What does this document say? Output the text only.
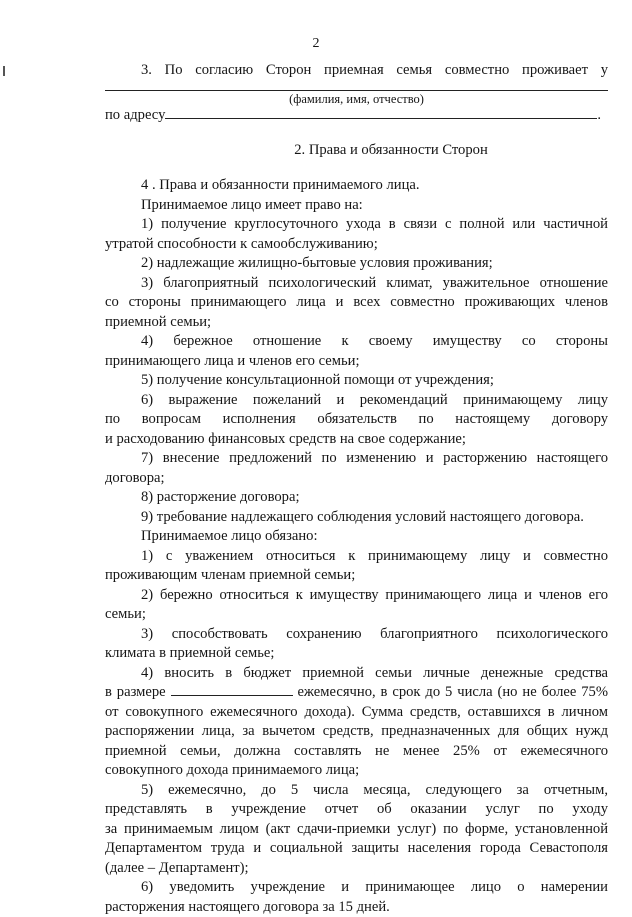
2
3. По согласию Сторон приемная семья совместно проживает у
(фамилия, имя, отчество)
по адресу	.
2. Права и обязанности Сторон
4 . Права и обязанности принимаемого лица.
Принимаемое лицо имеет право на:
1) получение круглосуточного ухода в связи с полной или частичной
утратой способности к самообслуживанию;
2) надлежащие жилищно-бытовые условия проживания;
3) благоприятный психологический климат, уважительное отношение
со стороны принимающего лица и всех совместно проживающих членов
приемной семьи;
4) бережное отношение к своему имуществу со стороны
принимающего лица и членов его семьи;
5) получение консультационной помощи от учреждения;
6) выражение пожеланий и рекомендаций принимающему лицу
по вопросам исполнения обязательств по настоящему договору
и расходованию финансовых средств на свое содержание;
7) внесение предложений по изменению и расторжению настоящего
договора;
8) расторжение договора;
9) требование надлежащего соблюдения условий настоящего договора.
Принимаемое лицо обязано:
1) с уважением относиться к принимающему лицу и совместно
проживающим членам приемной семьи;
2) бережно относиться к имуществу принимающего лица и членов его
семьи;
3) способствовать сохранению благоприятного психологического
климата в приемной семье;
4) вносить в бюджет приемной семьи личные денежные средства
в размере	ежемесячно, в срок до 5 числа (но не более 75%
от совокупного ежемесячного дохода). Сумма средств, оставшихся в личном
распоряжении лица, за вычетом средств, предназначенных для общих нужд
приемной семьи, должна составлять не менее 25% от ежемесячного
совокупного дохода принимаемого лица;
5) ежемесячно, до 5 числа месяца, следующего за отчетным,
представлять в учреждение отчет об оказании услуг по уходу
за принимаемым лицом (акт сдачи-приемки услуг) по форме, установленной
Департаментом труда и социальной защиты населения города Севастополя
(далее – Департамент);
6) уведомить учреждение и принимающее лицо о намерении
расторжения настоящего договора за 15 дней.
